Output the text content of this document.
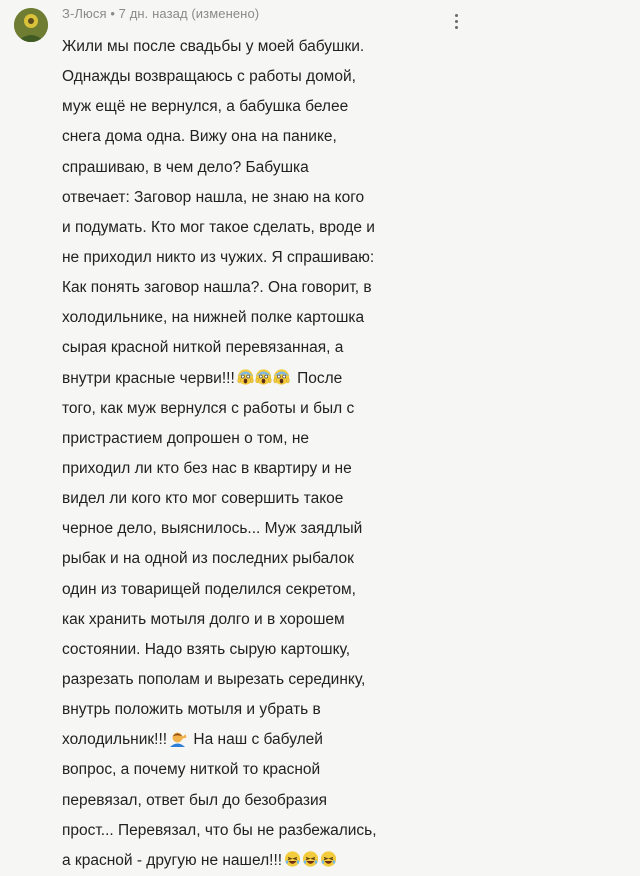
З-Люся • 7 дн. назад (изменено)
Жили мы после свадьбы у моей бабушки.
Однажды возвращаюсь с работы домой,
муж ещё не вернулся, а бабушка белее
снега дома одна. Вижу она на панике,
спрашиваю, в чем дело? Бабушка
отвечает: Заговор нашла, не знаю на кого
и подумать. Кто мог такое сделать, вроде и
не приходил никто из чужих. Я спрашиваю:
Как понять заговор нашла?. Она говорит, в
холодильнике, на нижней полке картошка
сырая красной ниткой перевязанная, а
внутри красные черви!!!	После
того, как муж вернулся с работы и был с
пристрастием допрошен о том, не
приходил ли кто без нас в квартиру и не
видел ли кого кто мог совершить такое
черное дело, выяснилось... Муж заядлый
рыбак и на одной из последних рыбалок
один из товарищей поделился секретом,
как хранить мотыля долго и в хорошем
состоянии. Надо взять сырую картошку,
разрезать пополам и вырезать серединку,
внутрь положить мотыля и убрать в
холодильник!!! На наш с бабулей
вопрос, а почему ниткой то красной
перевязал, ответ был до безобразия
прост... Перевязал, что бы не разбежались,
а красной - другую не нашел!!!
